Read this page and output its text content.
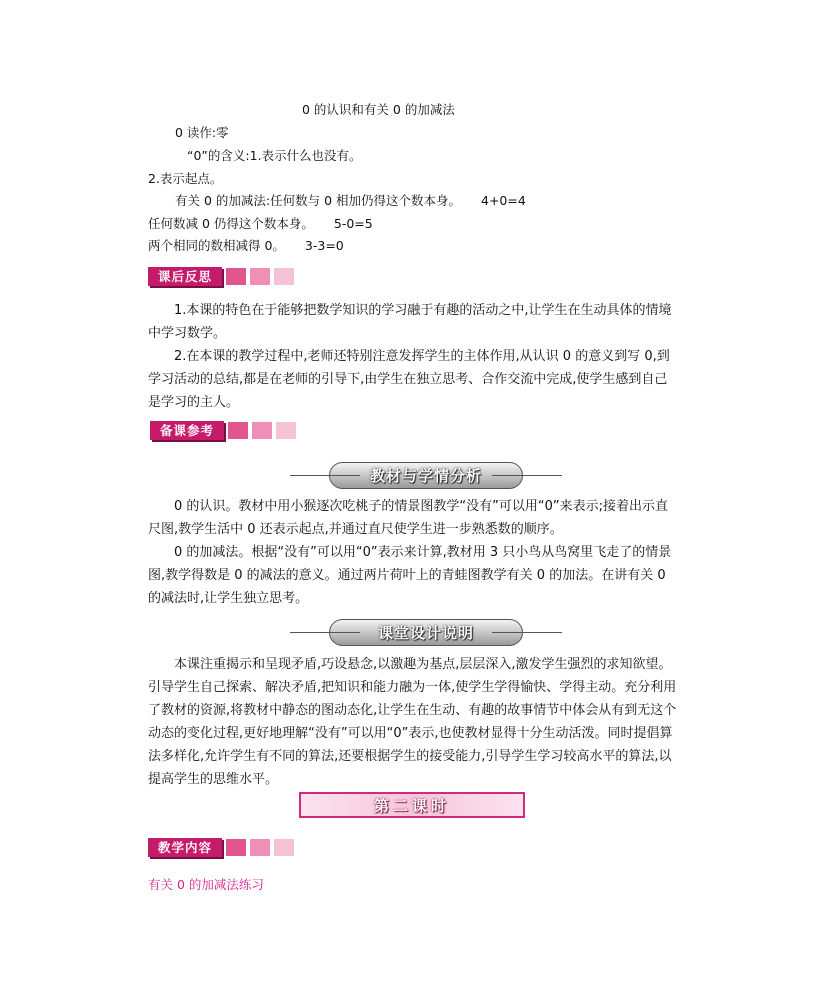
0 的认识和有关 0 的加减法
0 读作:零
“0”的含义:1.表示什么也没有。
2.表示起点。
有关 0 的加减法:任何数与 0 相加仍得这个数本身。 4+0=4
任何数减 0 仍得这个数本身。 5-0=5
两个相同的数相减得 0。 3-3=0
课后反思
1.本课的特色在于能够把数学知识的学习融于有趣的活动之中,让学生在生动具体的情境中学习数学。
2.在本课的教学过程中,老师还特别注意发挥学生的主体作用,从认识 0 的意义到写 0,到学习活动的总结,都是在老师的引导下,由学生在独立思考、合作交流中完成,使学生感到自己是学习的主人。
备课参考
教材与学情分析
0 的认识。教材中用小猴逐次吃桃子的情景图教学“没有”可以用“0”来表示;接着出示直尺图,教学生活中 0 还表示起点,并通过直尺使学生进一步熟悉数的顺序。
0 的加减法。根据“没有”可以用“0”表示来计算,教材用 3 只小鸟从鸟窝里飞走了的情景图,教学得数是 0 的减法的意义。通过两片荷叶上的青蛙图教学有关 0 的加法。在讲有关 0 的减法时,让学生独立思考。
课堂设计说明
本课注重揭示和呈现矛盾,巧设悬念,以激趣为基点,层层深入,激发学生强烈的求知欲望。引导学生自己探索、解决矛盾,把知识和能力融为一体,使学生学得愉快、学得主动。充分利用了教材的资源,将教材中静态的图动态化,让学生在生动、有趣的故事情节中体会从有到无这个动态的变化过程,更好地理解“没有”可以用“0”表示,也使教材显得十分生动活泼。同时提倡算法多样化,允许学生有不同的算法,还要根据学生的接受能力,引导学生学习较高水平的算法,以提高学生的思维水平。
第二课时
教学内容
有关 0 的加减法练习
